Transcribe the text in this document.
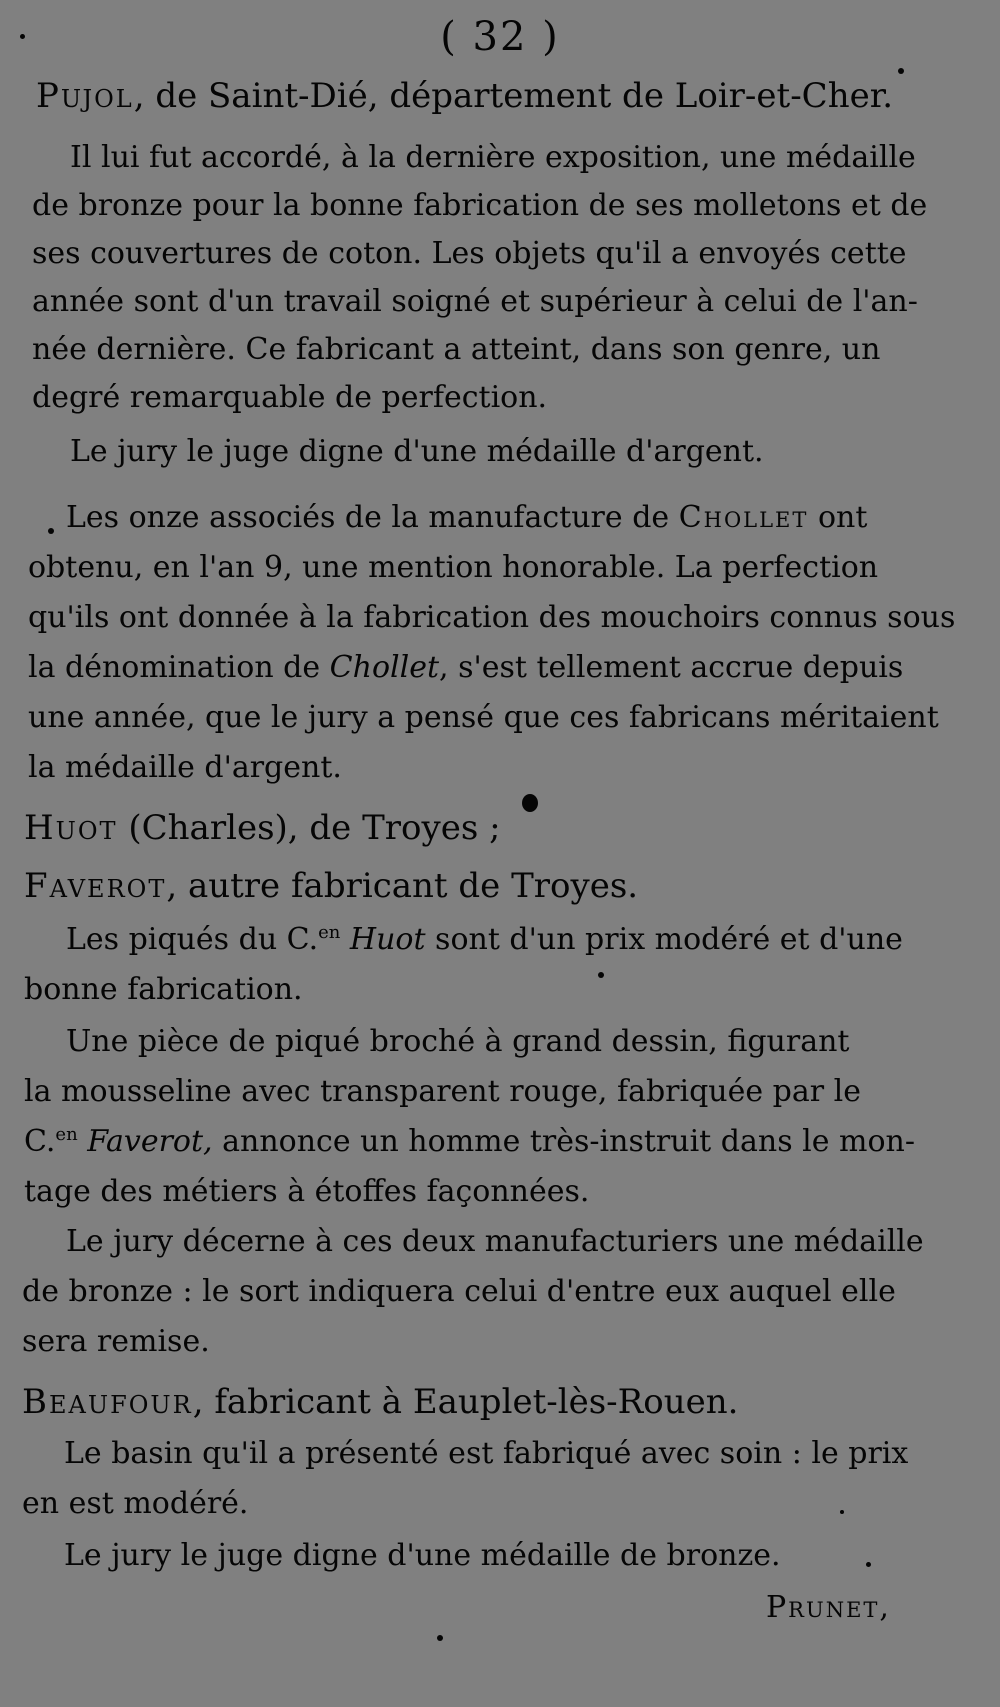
( 32 )
Pujol, de Saint-Dié, département de Loir-et-Cher.
Il lui fut accordé, à la dernière exposition, une médaille
de bronze pour la bonne fabrication de ses molletons et de
ses couvertures de coton. Les objets qu'il a envoyés cette
année sont d'un travail soigné et supérieur à celui de l'an-
née dernière. Ce fabricant a atteint, dans son genre, un
degré remarquable de perfection.
Le jury le juge digne d'une médaille d'argent.
Les onze associés de la manufacture de Chollet ont
obtenu, en l'an 9, une mention honorable. La perfection
qu'ils ont donnée à la fabrication des mouchoirs connus sous
la dénomination de Chollet, s'est tellement accrue depuis
une année, que le jury a pensé que ces fabricans méritaient
la médaille d'argent.
Huot (Charles), de Troyes ;
Faverot, autre fabricant de Troyes.
Les piqués du C.$^{en}$ Huot sont d'un prix modéré et d'une
bonne fabrication.
Une pièce de piqué broché à grand dessin, figurant
la mousseline avec transparent rouge, fabriquée par le
C.$^{en}$ Faverot, annonce un homme très-instruit dans le mon-
tage des métiers à étoffes façonnées.
Le jury décerne à ces deux manufacturiers une médaille
de bronze : le sort indiquera celui d'entre eux auquel elle
sera remise.
Beaufour, fabricant à Eauplet-lès-Rouen.
Le basin qu'il a présenté est fabriqué avec soin : le prix
en est modéré.
Le jury le juge digne d'une médaille de bronze.
Prunet,
